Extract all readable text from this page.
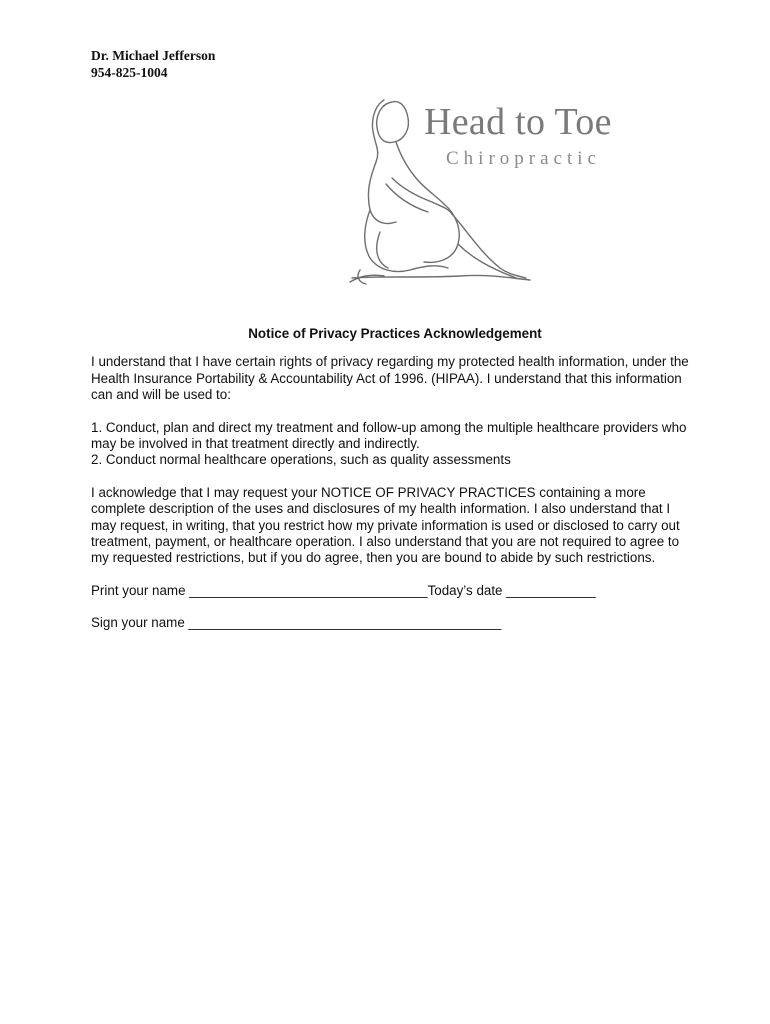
Dr. Michael Jefferson
954-825-1004
Head to Toe
Chiropractic

Notice of Privacy Practices Acknowledgement

I understand that I have certain rights of privacy regarding my protected health information, under the Health Insurance Portability & Accountability Act of 1996. (HIPAA). I understand that this information can and will be used to:

1. Conduct, plan and direct my treatment and follow-up among the multiple healthcare providers who may be involved in that treatment directly and indirectly.

2. Conduct normal healthcare operations, such as quality assessments

I acknowledge that I may request your NOTICE OF PRIVACY PRACTICES containing a more complete description of the uses and disclosures of my health information. I also understand that I may request, in writing, that you restrict how my private information is used or disclosed to carry out treatment, payment, or healthcare operation. I also understand that you are not required to agree to my requested restrictions, but if you do agree, then you are bound to abide by such restrictions.

Print your name ________________________________Today’s date ____________

Sign your name __________________________________________
